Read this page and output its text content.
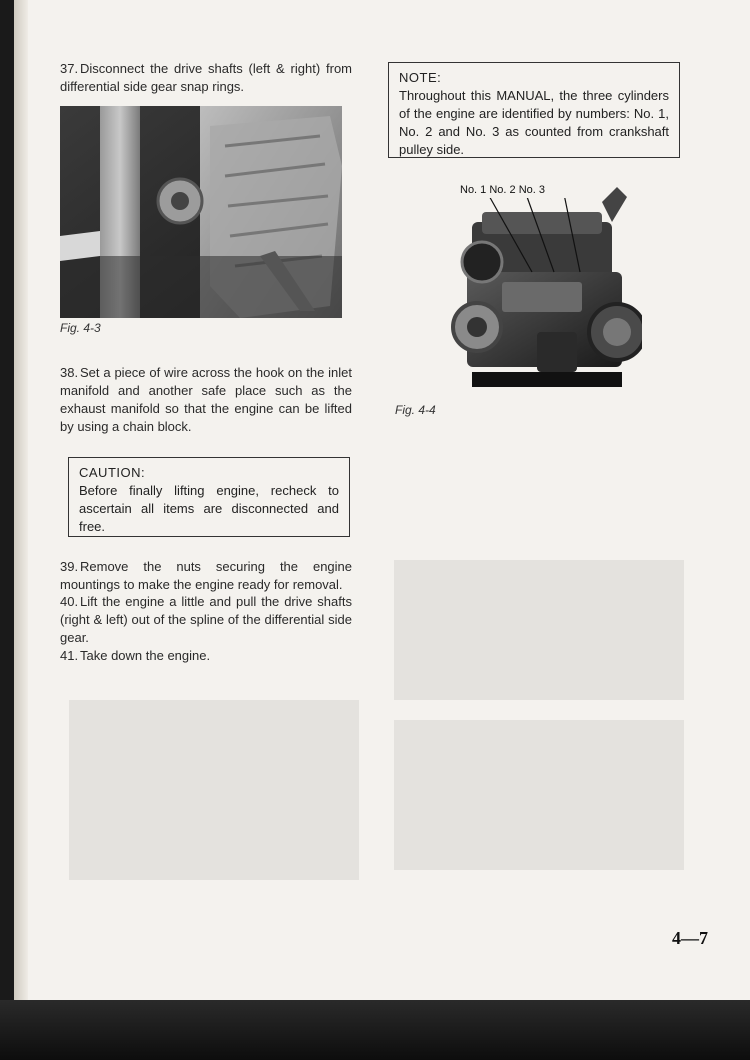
37. Disconnect the drive shafts (left & right) from differential side gear snap rings.
Fig. 4-3
38. Set a piece of wire across the hook on the inlet manifold and another safe place such as the exhaust manifold so that the engine can be lifted by using a chain block.
CAUTION:
Before finally lifting engine, recheck to ascertain all items are disconnected and free.
39. Remove the nuts securing the engine mountings to make the engine ready for removal.
40. Lift the engine a little and pull the drive shafts (right & left) out of the spline of the differential side gear.
41. Take down the engine.
NOTE:
Throughout this MANUAL, the three cylinders of the engine are identified by numbers: No. 1, No. 2 and No. 3 as counted from crankshaft pulley side.
No. 1 No. 2 No. 3
Fig. 4-4
4—7
